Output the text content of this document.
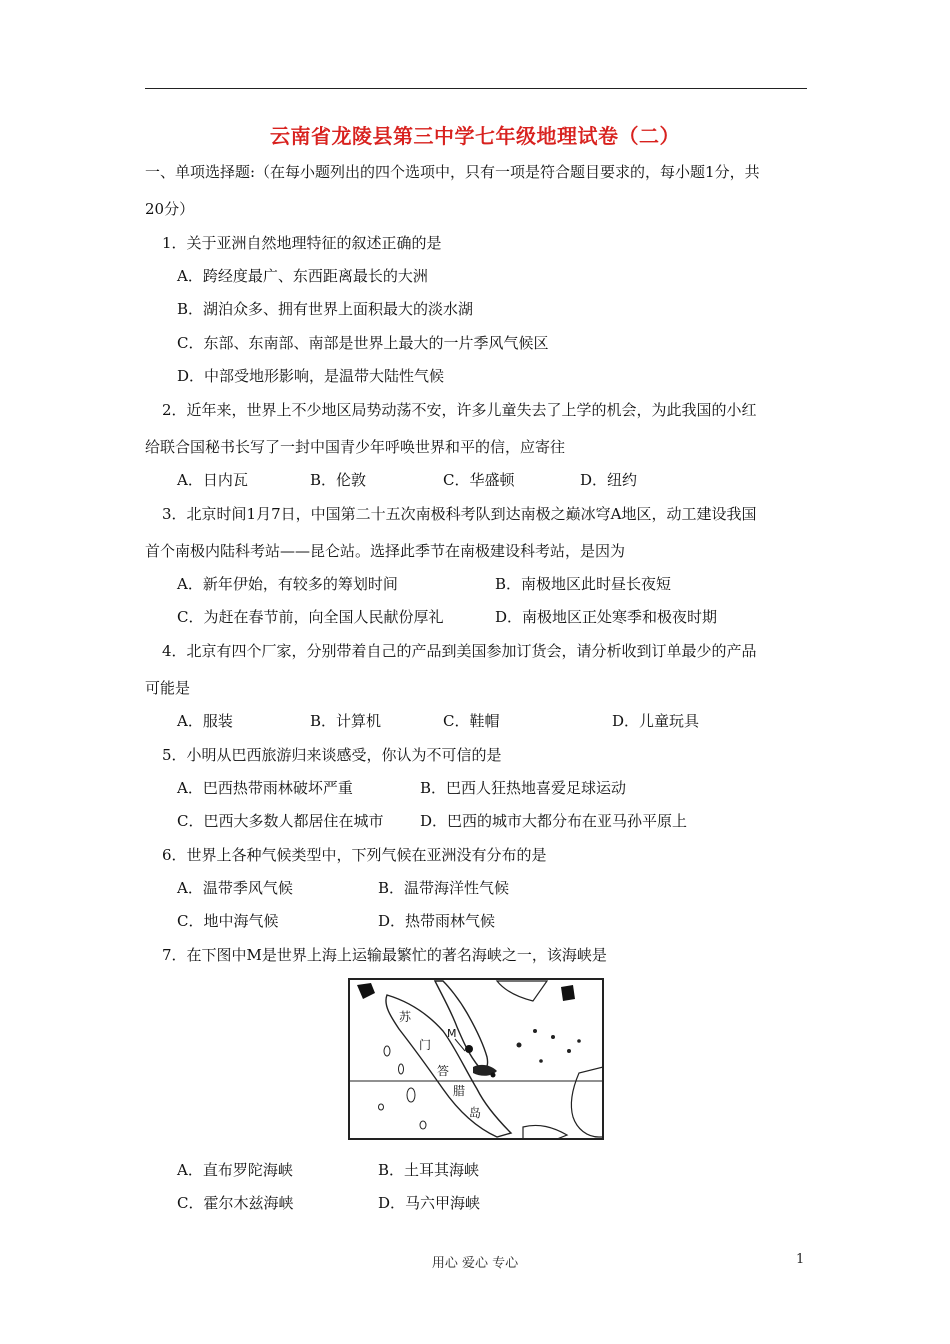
云南省龙陵县第三中学七年级地理试卷（二）
一、单项选择题:（在每小题列出的四个选项中，只有一项是符合题目要求的，每小题1分，共
20分）
1．关于亚洲自然地理特征的叙述正确的是
A．跨经度最广、东西距离最长的大洲
B．湖泊众多、拥有世界上面积最大的淡水湖
C．东部、东南部、南部是世界上最大的一片季风气候区
D．中部受地形影响，是温带大陆性气候
2．近年来，世界上不少地区局势动荡不安，许多儿童失去了上学的机会，为此我国的小红
给联合国秘书长写了一封中国青少年呼唤世界和平的信，应寄往
A．日内瓦	B．伦敦	C．华盛顿	D．纽约
3．北京时间1月7日，中国第二十五次南极科考队到达南极之巅冰穹A地区，动工建设我国
首个南极内陆科考站——昆仑站。选择此季节在南极建设科考站，是因为
A．新年伊始，有较多的筹划时间	B．南极地区此时昼长夜短
C．为赶在春节前，向全国人民献份厚礼	D．南极地区正处寒季和极夜时期
4．北京有四个厂家，分别带着自己的产品到美国参加订货会，请分析收到订单最少的产品
可能是
A．服装	B．计算机	C．鞋帽	D．儿童玩具
5．小明从巴西旅游归来谈感受，你认为不可信的是
A．巴西热带雨林破坏严重	B．巴西人狂热地喜爱足球运动
C．巴西大多数人都居住在城市 D．巴西的城市大都分布在亚马孙平原上
6．世界上各种气候类型中，下列气候在亚洲没有分布的是
A．温带季风气候	B．温带海洋性气候
C．地中海气候	D．热带雨林气候
7．在下图中M是世界上海上运输最繁忙的著名海峡之一，该海峡是
M
苏
门
答
腊
岛
A．直布罗陀海峡	B．土耳其海峡
C．霍尔木兹海峡	D．马六甲海峡
用心 爱心 专心	1
